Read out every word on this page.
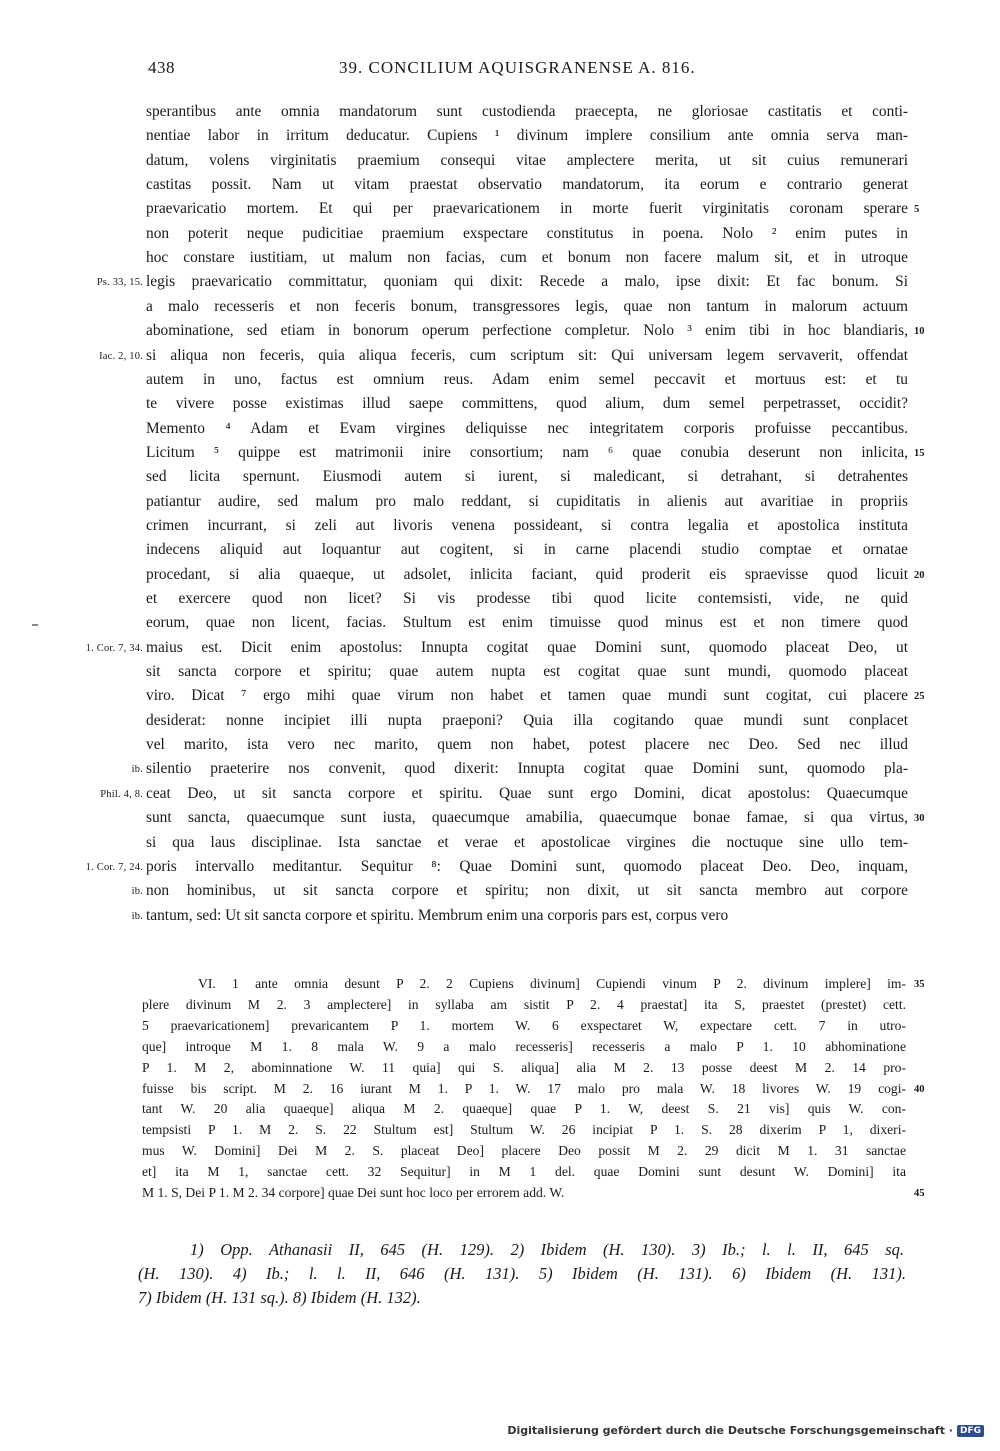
438	39. CONCILIUM AQUISGRANENSE A. 816.
sperantibus ante omnia mandatorum sunt custodienda praecepta, ne gloriosae castitatis et conti-
nentiae labor in irritum deducatur. Cupiens ¹ divinum implere consilium ante omnia serva man-
datum, volens virginitatis praemium consequi vitae amplectere merita, ut sit cuius remunerari
castitas possit. Nam ut vitam praestat observatio mandatorum, ita eorum e contrario generat
praevaricatio mortem. Et qui per praevaricationem in morte fuerit virginitatis coronam sperare
non poterit neque pudicitiae praemium exspectare constitutus in poena. Nolo ² enim putes in
hoc constare iustitiam, ut malum non facias, cum et bonum non facere malum sit, et in utroque
legis praevaricatio committatur, quoniam qui dixit: Recede a malo, ipse dixit: Et fac bonum. Si
a malo recesseris et non feceris bonum, transgressores legis, quae non tantum in malorum actuum
abominatione, sed etiam in bonorum operum perfectione completur. Nolo ³ enim tibi in hoc blandiaris,
si aliqua non feceris, quia aliqua feceris, cum scriptum sit: Qui universam legem servaverit, offendat
autem in uno, factus est omnium reus. Adam enim semel peccavit et mortuus est: et tu
te vivere posse existimas illud saepe committens, quod alium, dum semel perpetrasset, occidit?
Memento ⁴ Adam et Evam virgines deliquisse nec integritatem corporis profuisse peccantibus.
Licitum ⁵ quippe est matrimonii inire consortium; nam ⁶ quae conubia deserunt non inlicita,
sed licita spernunt. Eiusmodi autem si iurent, si maledicant, si detrahant, si detrahentes
patiantur audire, sed malum pro malo reddant, si cupiditatis in alienis aut avaritiae in propriis
crimen incurrant, si zeli aut livoris venena possideant, si contra legalia et apostolica instituta
indecens aliquid aut loquantur aut cogitent, si in carne placendi studio comptae et ornatae
procedant, si alia quaeque, ut adsolet, inlicita faciant, quid proderit eis spraevisse quod licuit
et exercere quod non licet? Si vis prodesse tibi quod licite contemsisti, vide, ne quid
eorum, quae non licent, facias. Stultum est enim timuisse quod minus est et non timere quod
maius est. Dicit enim apostolus: Innupta cogitat quae Domini sunt, quomodo placeat Deo, ut
sit sancta corpore et spiritu; quae autem nupta est cogitat quae sunt mundi, quomodo placeat
viro. Dicat ⁷ ergo mihi quae virum non habet et tamen quae mundi sunt cogitat, cui placere
desiderat: nonne incipiet illi nupta praeponi? Quia illa cogitando quae mundi sunt conplacet
vel marito, ista vero nec marito, quem non habet, potest placere nec Deo. Sed nec illud
silentio praeterire nos convenit, quod dixerit: Innupta cogitat quae Domini sunt, quomodo pla-
ceat Deo, ut sit sancta corpore et spiritu. Quae sunt ergo Domini, dicat apostolus: Quaecumque
sunt sancta, quaecumque sunt iusta, quaecumque amabilia, quaecumque bonae famae, si qua virtus,
si qua laus disciplinae. Ista sanctae et verae et apostolicae virgines die noctuque sine ullo tem-
poris intervallo meditantur. Sequitur ⁸: Quae Domini sunt, quomodo placeat Deo. Deo, inquam,
non hominibus, ut sit sancta corpore et spiritu; non dixit, ut sit sancta membro aut corpore
tantum, sed: Ut sit sancta corpore et spiritu. Membrum enim una corporis pars est, corpus vero
Ps. 33, 15.
Iac. 2, 10.
1. Cor. 7, 34.
ib.
Phil. 4, 8.
1. Cor. 7, 24.
ib.
ib.
5
10
15
20
25
30
VI. 1 ante omnia desunt P 2. 2 Cupiens divinum] Cupiendi vinum P 2. divinum implere] im-
plere divinum M 2. 3 amplectere] in syllaba am sistit P 2. 4 praestat] ita S, praestet (prestet) cett.
5 praevaricationem] prevaricantem P 1. mortem W. 6 exspectaret W, expectare cett. 7 in utro-
que] introque M 1. 8 mala W. 9 a malo recesseris] recesseris a malo P 1. 10 abhominatione
P 1. M 2, abominnatione W. 11 quia] qui S. aliqua] alia M 2. 13 posse deest M 2. 14 pro-
fuisse bis script. M 2. 16 iurant M 1. P 1. W. 17 malo pro mala W. 18 livores W. 19 cogi-
tant W. 20 alia quaeque] aliqua M 2. quaeque] quae P 1. W, deest S. 21 vis] quis W. con-
tempsisti P 1. M 2. S. 22 Stultum est] Stultum W. 26 incipiat P 1. S. 28 dixerim P 1, dixeri-
mus W. Domini] Dei M 2. S. placeat Deo] placere Deo possit M 2. 29 dicit M 1. 31 sanctae
et] ita M 1, sanctae cett. 32 Sequitur] in M 1 del. quae Domini sunt desunt W. Domini] ita
M 1. S, Dei P 1. M 2. 34 corpore] quae Dei sunt hoc loco per errorem add. W.
35
40
45
1) Opp. Athanasii II, 645 (H. 129). 2) Ibidem (H. 130). 3) Ib.; l. l. II, 645 sq.
(H. 130). 4) Ib.; l. l. II, 646 (H. 131). 5) Ibidem (H. 131). 6) Ibidem (H. 131).
7) Ibidem (H. 131 sq.). 8) Ibidem (H. 132).
Digitalisierung gefördert durch die Deutsche Forschungsgemeinschaft · DFG
